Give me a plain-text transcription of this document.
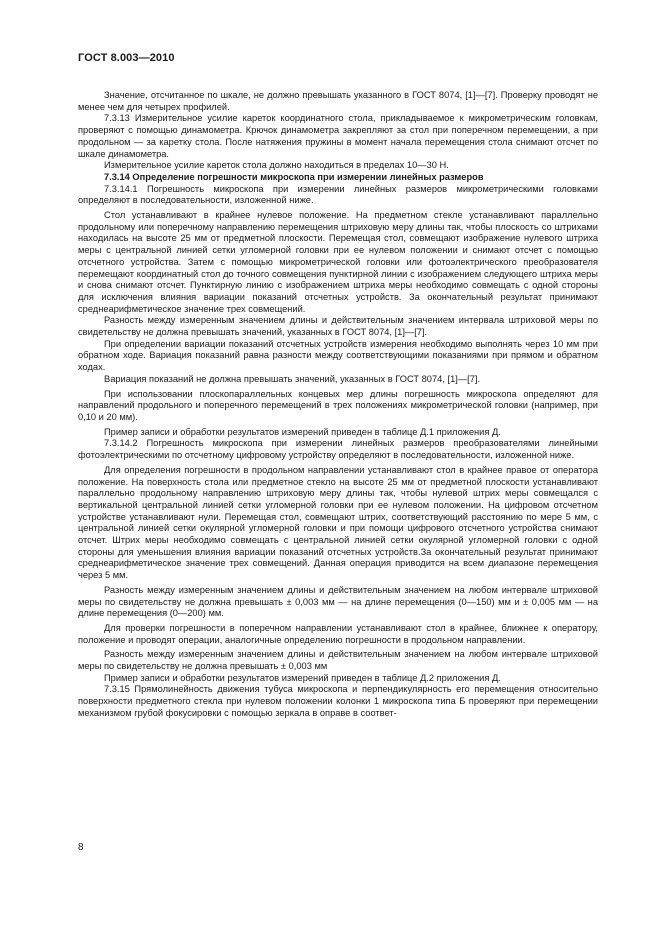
ГОСТ 8.003—2010

Значение, отсчитанное по шкале, не должно превышать указанного в ГОСТ 8074, [1]—[7]. Проверку проводят не менее чем для четырех профилей.

7.3.13 Измерительное усилие кареток координатного стола, прикладываемое к микрометрическим головкам, проверяют с помощью динамометра. Крючок динамометра закрепляют за стол при поперечном перемещении, а при продольном — за каретку стола. После натяжения пружины в момент начала перемещения стола снимают отсчет по шкале динамометра.

Измерительное усилие кареток стола должно находиться в пределах 10—30 Н.

7.3.14 Определение погрешности микроскопа при измерении линейных размеров

7.3.14.1 Погрешность микроскопа при измерении линейных размеров микрометрическими головками определяют в последовательности, изложенной ниже.

Стол устанавливают в крайнее нулевое положение. На предметном стекле устанавливают параллельно продольному или поперечному направлению перемещения штриховую меру длины так, чтобы плоскость со штрихами находилась на высоте 25 мм от предметной плоскости. Перемещая стол, совмещают изображение нулевого штриха меры с центральной линией сетки угломерной головки при ее нулевом положении и снимают отсчет с помощью отсчетного устройства. Затем с помощью микрометрической головки или фотоэлектрического преобразователя перемещают координатный стол до точного совмещения пунктирной линии с изображением следующего штриха меры и снова снимают отсчет. Пунктирную линию с изображением штриха меры необходимо совмещать с одной стороны для исключения влияния вариации показаний отсчетных устройств. За окончательный результат принимают среднеарифметическое значение трех совмещений.

Разность между измеренным значением длины и действительным значением интервала штриховой меры по свидетельству не должна превышать значений, указанных в ГОСТ 8074, [1]—[7].

При определении вариации показаний отсчетных устройств измерения необходимо выполнять через 10 мм при обратном ходе. Вариация показаний равна разности между соответствующими показаниями при прямом и обратном ходах.

Вариация показаний не должна превышать значений, указанных в ГОСТ 8074, [1]—[7].

При использовании плоскопараллельных концевых мер длины погрешность микроскопа определяют для направлений продольного и поперечного перемещений в трех положениях микрометрической головки (например, при 0,10 и 20 мм).

Пример записи и обработки результатов измерений приведен в таблице Д.1 приложения Д.

7.3.14.2 Погрешность микроскопа при измерении линейных размеров преобразователями линейными фотоэлектрическими по отсчетному цифровому устройству определяют в последовательности, изложенной ниже.

Для определения погрешности в продольном направлении устанавливают стол в крайнее правое от оператора положение. На поверхность стола или предметное стекло на высоте 25 мм от предметной плоскости устанавливают параллельно продольному направлению штриховую меру длины так, чтобы нулевой штрих меры совмещался с вертикальной центральной линией сетки угломерной головки при ее нулевом положении. На цифровом отсчетном устройстве устанавливают нули. Перемещая стол, совмещают штрих, соответствующий расстоянию по мере 5 мм, с центральной линией сетки окулярной угломерной головки и при помощи цифрового отсчетного устройства снимают отсчет. Штрих меры необходимо совмещать с центральной линией сетки окулярной угломерной головки с одной стороны для уменьшения влияния вариации показаний отсчетных устройств.За окончательный результат принимают среднеарифметическое значение трех совмещений. Данная операция приводится на всем диапазоне перемещения через 5 мм.

Разность между измеренным значением длины и действительным значением на любом интервале штриховой меры по свидетельству не должна превышать ± 0,003 мм — на длине перемещения (0—150) мм и ± 0,005 мм — на длине перемещения (0—200) мм.

Для проверки погрешности в поперечном направлении устанавливают стол в крайнее, ближнее к оператору, положение и проводят операции, аналогичные определению погрешности в продольном направлении.

Разность между измеренным значением длины и действительным значением на любом интервале штриховой меры по свидетельству не должна превышать ± 0,003 мм

Пример записи и обработки результатов измерений приведен в таблице Д.2 приложения Д.

7.3.15 Прямолинейность движения тубуса микроскопа и перпендикулярность его перемещения относительно поверхности предметного стекла при нулевом положении колонки 1 микроскопа типа Б проверяют при перемещении механизмом грубой фокусировки с помощью зеркала в оправе в соответ-

8
